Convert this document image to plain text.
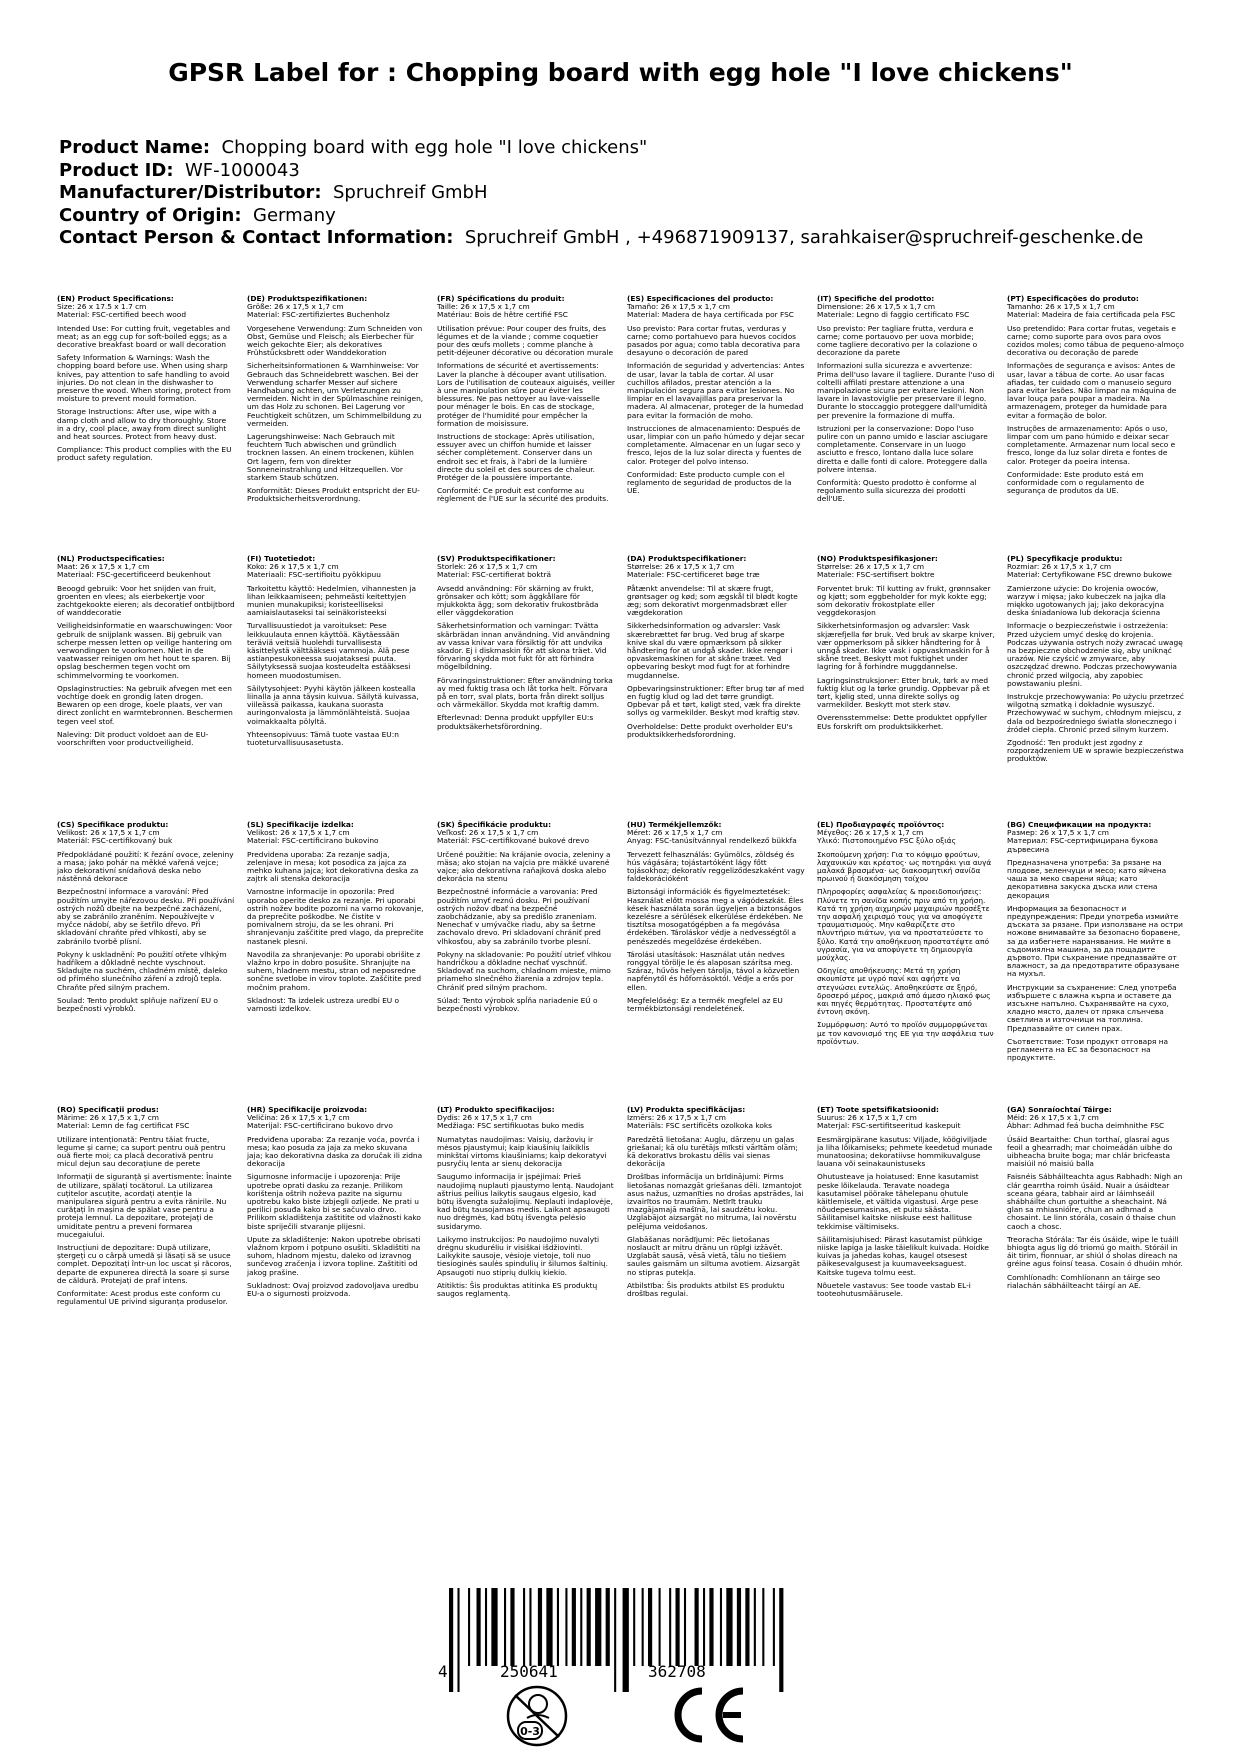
GPSR Label for : Chopping board with egg hole "I love chickens"
Product Name: Chopping board with egg hole "I love chickens"
Product ID: WF-1000043
Manufacturer/Distributor: Spruchreif GmbH
Country of Origin: Germany
Contact Person & Contact Information: Spruchreif GmbH , +496871909137, sarahkaiser@spruchreif-geschenke.de
(EN) Product Specifications:

Size: 26 x 17.5 x 1.7 cm
Material: FSC-certified beech wood

Intended Use: For cutting fruit, vegetables and meat; as an egg cup for soft-boiled eggs; as a decorative breakfast board or wall decoration

Safety Information & Warnings: Wash the chopping board before use. When using sharp knives, pay attention to safe handling to avoid injuries. Do not clean in the dishwasher to preserve the wood. When storing, protect from moisture to prevent mould formation.

Storage Instructions: After use, wipe with a damp cloth and allow to dry thoroughly. Store in a dry, cool place, away from direct sunlight and heat sources. Protect from heavy dust.

Compliance: This product complies with the EU product safety regulation.

(DE) Produktspezifikationen:

Größe: 26 x 17,5 x 1,7 cm
Material: FSC-zertifiziertes Buchenholz

Vorgesehene Verwendung: Zum Schneiden von Obst, Gemüse und Fleisch; als Eierbecher für weich gekochte Eier; als dekoratives Frühstücksbrett oder Wanddekoration

Sicherheitsinformationen & Warnhinweise: Vor Gebrauch das Schneidebrett waschen. Bei der Verwendung scharfer Messer auf sichere Handhabung achten, um Verletzungen zu vermeiden. Nicht in der Spülmaschine reinigen, um das Holz zu schonen. Bei Lagerung vor Feuchtigkeit schützen, um Schimmelbildung zu vermeiden.

Lagerungshinweise: Nach Gebrauch mit feuchtem Tuch abwischen und gründlich trocknen lassen. An einem trockenen, kühlen Ort lagern, fern von direkter Sonneneinstrahlung und Hitzequellen. Vor starkem Staub schützen.

Konformität: Dieses Produkt entspricht der EU-Produktsicherheitsverordnung.

(FR) Spécifications du produit:

Taille: 26 x 17,5 x 1,7 cm
Matériau: Bois de hêtre certifié FSC

Utilisation prévue: Pour couper des fruits, des légumes et de la viande ; comme coquetier pour des œufs mollets ; comme planche à petit-déjeuner décorative ou décoration murale

Informations de sécurité et avertissements: Laver la planche à découper avant utilisation. Lors de l'utilisation de couteaux aiguisés, veiller à une manipulation sûre pour éviter les blessures. Ne pas nettoyer au lave-vaisselle pour ménager le bois. En cas de stockage, protéger de l'humidité pour empêcher la formation de moisissure.

Instructions de stockage: Après utilisation, essuyer avec un chiffon humide et laisser sécher complètement. Conserver dans un endroit sec et frais, à l'abri de la lumière directe du soleil et des sources de chaleur. Protéger de la poussière importante.

Conformité: Ce produit est conforme au règlement de l'UE sur la sécurité des produits.

(ES) Especificaciones del producto:

Tamaño: 26 x 17,5 x 1,7 cm
Material: Madera de haya certificada por FSC

Uso previsto: Para cortar frutas, verduras y carne; como portahuevo para huevos cocidos pasados por agua; como tabla decorativa para desayuno o decoración de pared

Información de seguridad y advertencias: Antes de usar, lavar la tabla de cortar. Al usar cuchillos afilados, prestar atención a la manipulación segura para evitar lesiones. No limpiar en el lavavajillas para preservar la madera. Al almacenar, proteger de la humedad para evitar la formación de moho.

Instrucciones de almacenamiento: Después de usar, limpiar con un paño húmedo y dejar secar completamente. Almacenar en un lugar seco y fresco, lejos de la luz solar directa y fuentes de calor. Proteger del polvo intenso.

Conformidad: Este producto cumple con el reglamento de seguridad de productos de la UE.

(IT) Specifiche del prodotto:

Dimensione: 26 x 17,5 x 1,7 cm
Materiale: Legno di faggio certificato FSC

Uso previsto: Per tagliare frutta, verdura e carne; come portauovo per uova morbide; come tagliere decorativo per la colazione o decorazione da parete

Informazioni sulla sicurezza e avvertenze: Prima dell'uso lavare il tagliere. Durante l'uso di coltelli affilati prestare attenzione a una manipolazione sicura per evitare lesioni. Non lavare in lavastoviglie per preservare il legno. Durante lo stoccaggio proteggere dall'umidità per prevenire la formazione di muffa.

Istruzioni per la conservazione: Dopo l'uso pulire con un panno umido e lasciar asciugare completamente. Conservare in un luogo asciutto e fresco, lontano dalla luce solare diretta e dalle fonti di calore. Proteggere dalla polvere intensa.

Conformità: Questo prodotto è conforme al regolamento sulla sicurezza dei prodotti dell'UE.

(PT) Especificações do produto:

Tamanho: 26 x 17,5 x 1,7 cm
Material: Madeira de faia certificada pela FSC

Uso pretendido: Para cortar frutas, vegetais e carne; como suporte para ovos para ovos cozidos moles; como tábua de pequeno-almoço decorativa ou decoração de parede

Informações de segurança e avisos: Antes de usar, lavar a tábua de corte. Ao usar facas afiadas, ter cuidado com o manuseio seguro para evitar lesões. Não limpar na máquina de lavar louça para poupar a madeira. Na armazenagem, proteger da humidade para evitar a formação de bolor.

Instruções de armazenamento: Após o uso, limpar com um pano húmido e deixar secar completamente. Armazenar num local seco e fresco, longe da luz solar direta e fontes de calor. Proteger da poeira intensa.

Conformidade: Este produto está em conformidade com o regulamento de segurança de produtos da UE.

(NL) Productspecificaties:

Maat: 26 x 17,5 x 1,7 cm
Materiaal: FSC-gecertificeerd beukenhout

Beoogd gebruik: Voor het snijden van fruit, groenten en vlees; als eierbekertje voor zachtgekookte eieren; als decoratief ontbijtbord of wanddecoratie

Veiligheidsinformatie en waarschuwingen: Voor gebruik de snijplank wassen. Bij gebruik van scherpe messen letten op veilige hantering om verwondingen te voorkomen. Niet in de vaatwasser reinigen om het hout te sparen. Bij opslag beschermen tegen vocht om schimmelvorming te voorkomen.

Opslaginstructies: Na gebruik afvegen met een vochtige doek en grondig laten drogen. Bewaren op een droge, koele plaats, ver van direct zonlicht en warmtebronnen. Beschermen tegen veel stof.

Naleving: Dit product voldoet aan de EU-voorschriften voor productveiligheid.

(FI) Tuotetiedot:

Koko: 26 x 17,5 x 1,7 cm
Materiaali: FSC-sertifioitu pyökkipuu

Tarkoitettu käyttö: Hedelmien, vihannesten ja lihan leikkaamiseen; pehmeästi keitettyjen munien munakupiksi; koristeelliseksi aamiaislautaseksi tai seinäkoristeeksi

Turvallisuustiedot ja varoitukset: Pese leikkuulauta ennen käyttöä. Käytäessään teräviä veitsiä huolehdi turvallisesta käsittelystä välttääksesi vammoja. Älä pese astianpesukoneessa suojataksesi puuta. Säilytyksessä suojaa kosteudelta estääksesi homeen muodostumisen.

Säilytysohjeet: Pyyhi käytön jälkeen kostealla liinalla ja anna täysin kuivua. Säilytä kuivassa, viileässä paikassa, kaukana suorasta auringonvalosta ja lämmönlähteistä. Suojaa voimakkaalta pölyltä.

Yhteensopivuus: Tämä tuote vastaa EU:n tuoteturvallisuusasetusta.

(SV) Produktspecifikationer:

Storlek: 26 x 17,5 x 1,7 cm
Material: FSC-certifierat bokträ

Avsedd användning: För skärning av frukt, grönsaker och kött; som äggkållare för mjukkokta ägg; som dekorativ frukostbräda eller väggdekoration

Säkerhetsinformation och varningar: Tvätta skärbrädan innan användning. Vid användning av vassa knivar vara försiktig för att undvika skador. Ej i diskmaskin för att skona träet. Vid förvaring skydda mot fukt för att förhindra mögelbildning.

Förvaringsinstruktioner: Efter användning torka av med fuktig trasa och låt torka helt. Förvara på en torr, sval plats, borta från direkt solljus och värmekällor. Skydda mot kraftig damm.

Efterlevnad: Denna produkt uppfyller EU:s produktsäkerhetsförordning.

(DA) Produktspecifikationer:

Størrelse: 26 x 17,5 x 1,7 cm
Materiale: FSC-certificeret bøge træ

Påtænkt anvendelse: Til at skære frugt, grøntsager og kød; som ægskål til blødt kogte æg; som dekorativt morgenmadsbræt eller vægdekoration

Sikkerhedsinformation og advarsler: Vask skærebrættet før brug. Ved brug af skarpe knive skal du være opmærksom på sikker håndtering for at undgå skader. Ikke rengør i opvaskemaskinen for at skåne træet. Ved opbevaring beskyt mod fugt for at forhindre mugdannelse.

Opbevaringsinstruktioner: Efter brug tør af med en fugtig klud og lad det tørre grundigt. Opbevar på et tørt, køligt sted, væk fra direkte sollys og varmekilder. Beskyt mod kraftig støv.

Overholdelse: Dette produkt overholder EU's produktsikkerhedsforordning.

(NO) Produktspesifikasjoner:

Størrelse: 26 x 17,5 x 1,7 cm
Materiale: FSC-sertifisert boktre

Forventet bruk: Til kutting av frukt, grønnsaker og kjøtt; som eggbeholder for myk kokte egg; som dekorativ frokostplate eller veggdekorasjon

Sikkerhetsinformasjon og advarsler: Vask skjærefjella før bruk. Ved bruk av skarpe kniver, vær oppmerksom på sikker håndtering for å unngå skader. Ikke vask i oppvaskmaskin for å skåne treet. Beskytt mot fuktighet under lagring for å forhindre muggdannelse.

Lagringsinstruksjoner: Etter bruk, tørk av med fuktig klut og la tørke grundig. Oppbevar på et tørt, kjølig sted, unna direkte sollys og varmekilder. Beskytt mot sterk støv.

Overensstemmelse: Dette produktet oppfyller EUs forskrift om produktsikkerhet.

(PL) Specyfikacje produktu:

Rozmiar: 26 x 17,5 x 1,7 cm
Materiał: Certyfikowane FSC drewno bukowe

Zamierzone użycie: Do krojenia owoców, warzyw i mięsa; jako kubeczek na jajka dla miękko ugotowanych jaj; jako dekoracyjna deska śniadaniowa lub dekoracja ścienna

Informacje o bezpieczeństwie i ostrzeżenia: Przed użyciem umyć deskę do krojenia. Podczas używania ostrych noży zwracać uwagę na bezpieczne obchodzenie się, aby uniknąć urazów. Nie czyścić w zmywarce, aby oszczędzać drewno. Podczas przechowywania chronić przed wilgocią, aby zapobiec powstawaniu pleśni.

Instrukcje przechowywania: Po użyciu przetrzeć wilgotną szmatką i dokładnie wysuszyć. Przechowywać w suchym, chłodnym miejscu, z dala od bezpośredniego światła słonecznego i źródeł ciepła. Chronić przed silnym kurzem.

Zgodność: Ten produkt jest zgodny z rozporządzeniem UE w sprawie bezpieczeństwa produktów.

(CS) Specifikace produktu:

Velikost: 26 x 17,5 x 1,7 cm
Materiál: FSC-certifikovaný buk

Předpokládané použití: K řezání ovoce, zeleniny a masa; jako pohár na měkké vařená vejce; jako dekorativní snídaňová deska nebo nástěnná dekorace

Bezpečnostní informace a varování: Před použitím umyjte nářezovou desku. Při používání ostrých nožů dbejte na bezpečné zacházení, aby se zabránilo zraněním. Nepoužívejte v myčce nádobí, aby se šetřilo dřevo. Při skladování chraňte před vlhkostí, aby se zabránilo tvorbě plísní.

Pokyny k uskladnění: Po použití otřete vlhkým hadříkem a důkladně nechte vyschnout. Skladujte na suchém, chladném místě, daleko od přímého slunečního záření a zdrojů tepla. Chraňte před silným prachem.

Soulad: Tento produkt splňuje nařízení EU o bezpečnosti výrobků.

(SL) Specifikacije izdelka:

Velikost: 26 x 17,5 x 1,7 cm
Material: FSC-certificirano bukovino

Predvidena uporaba: Za rezanje sadja, zelenjave in mesa; kot posodica za jajca za mehko kuhana jajca; kot dekorativna deska za zajtrk ali stenska dekoracija

Varnostne informacije in opozorila: Pred uporabo operite desko za rezanje. Pri uporabi ostrih nožev bodite pozorni na varno rokovanje, da preprečite poškodbe. Ne čistite v pomivalnem stroju, da se les ohrani. Pri shranjevanju zaščitite pred vlago, da preprečite nastanek plesni.

Navodila za shranjevanje: Po uporabi obrišite z vlažno krpo in dobro posušite. Shranjujte na suhem, hladnem mestu, stran od neposredne sončne svetlobe in virov toplote. Zaščitite pred močnim prahom.

Skladnost: Ta izdelek ustreza uredbi EU o varnosti izdelkov.

(SK) Špecifikácie produktu:

Veľkosť: 26 x 17,5 x 1,7 cm
Materiál: FSC-certifikované bukové drevo

Určené použitie: Na krájanie ovocia, zeleniny a mäsa; ako stojan na vajcia pre mäkké uvarené vajce; ako dekoratívna raňajková doska alebo dekorácia na stenu

Bezpečnostné informácie a varovania: Pred použitím umyť reznú dosku. Pri používaní ostrých nožov dbať na bezpečné zaobchádzanie, aby sa predišlo zraneniam. Nenechať v umývačke riadu, aby sa šetrne zachovalo drevo. Pri skladovaní chrániť pred vlhkosťou, aby sa zabránilo tvorbe plesní.

Pokyny na skladovanie: Po použití utrieť vlhkou handričkou a dôkladne nechať vyschnúť. Skladovať na suchom, chladnom mieste, mimo priameho slnečného žiarenia a zdrojov tepla. Chrániť pred silným prachom.

Súlad: Tento výrobok spĺňa nariadenie EÚ o bezpečnosti výrobkov.

(HU) Termékjellemzők:

Méret: 26 x 17,5 x 1,7 cm
Anyag: FSC-tanúsítvánnyal rendelkező bükkfa

Tervezett felhasználás: Gyümölcs, zöldség és hús vágására; tojástartóként lágy főtt tojásokhoz; dekoratív reggeliződeszkaként vagy faldekorációként

Biztonsági információk és figyelmeztetések: Használat előtt mossa meg a vágódeszkát. Éles kések használata során ügyeljen a biztonságos kezelésre a sérülések elkerülése érdekében. Ne tisztítsa mosogatógépben a fa megóvása érdekében. Tároláskor védje a nedvességtől a penészedés megelőzése érdekében.

Tárolási utasítások: Használat után nedves ronggyal törölje le és alaposan szárítsa meg. Száraz, hűvös helyen tárolja, távol a közvetlen napfénytől és hőforrásoktól. Védje a erős por ellen.

Megfelelőség: Ez a termék megfelel az EU termékbiztonsági rendeletének.

(EL) Προδιαγραφές προϊόντος:

Μέγεθος: 26 x 17,5 x 1,7 cm
Υλικό: Πιστοποιημένο FSC ξύλο οξιάς

Σκοπούμενη χρήση: Για το κόψιμο φρούτων, λαχανικών και κρέατος· ως ποτηράκι για αυγά μαλακά βρασμένα· ως διακοσμητική σανίδα πρωινού ή διακόσμηση τοίχου

Πληροφορίες ασφαλείας & προειδοποιήσεις: Πλύνετε τη σανίδα κοπής πριν από τη χρήση. Κατά τη χρήση αιχμηρών μαχαιριών προσέξτε την ασφαλή χειρισμό τους για να αποφύγετε τραυματισμούς. Μην καθαρίζετε στο πλυντήριο πιάτων, για να προστατεύσετε το ξύλο. Κατά την αποθήκευση προστατέψτε από υγρασία, για να αποφύγετε τη δημιουργία μούχλας.

Οδηγίες αποθήκευσης: Μετά τη χρήση σκουπίστε με υγρό πανί και αφήστε να στεγνώσει εντελώς. Αποθηκεύστε σε ξηρό, δροσερό μέρος, μακριά από άμεσο ηλιακό φως και πηγές θερμότητας. Προστατέψτε από έντονη σκόνη.

Συμμόρφωση: Αυτό το προϊόν συμμορφώνεται με τον κανονισμό της ΕΕ για την ασφάλεια των προϊόντων.

(BG) Спецификации на продукта:

Размер: 26 x 17,5 x 1,7 cm
Материал: FSC-сертифицирана букова дървесина

Предназначена употреба: За рязане на плодове, зеленчуци и месо; като яйчена чаша за меко сварени яйца; като декоративна закуска дъска или стена декорация

Информация за безопасност и предупреждения: Преди употреба измийте дъската за рязане. При използване на остри ножове внимавайте за безопасно боравене, за да избегнете наранявания. Не мийте в съдомиялна машина, за да пощадите дървото. При съхранение предпазвайте от влажност, за да предотвратите образуване на мухъл.

Инструкции за съхранение: След употреба избършете с влажна кърпа и оставете да изсъхне напълно. Съхранявайте на сухо, хладно място, далеч от пряка слънчева светлина и източници на топлина. Предпазвайте от силен прах.

Съответствие: Този продукт отговаря на регламента на ЕС за безопасност на продуктите.

(RO) Specificații produs:

Mărime: 26 x 17,5 x 1,7 cm
Material: Lemn de fag certificat FSC

Utilizare intenționată: Pentru tăiat fructe, legume și carne; ca suport pentru ouă pentru ouă fierte moi; ca placă decorativă pentru micul dejun sau decorațiune de perete

Informații de siguranță și avertismente: Înainte de utilizare, spălați tocătorul. La utilizarea cuțitelor ascuțite, acordați atenție la manipularea sigură pentru a evita rănirile. Nu curățați în mașina de spălat vase pentru a proteja lemnul. La depozitare, protejați de umiditate pentru a preveni formarea mucegaiului.

Instrucțiuni de depozitare: După utilizare, ștergeți cu o cârpă umedă și lăsați să se usuce complet. Depozitați într-un loc uscat și răcoros, departe de expunerea directă la soare și surse de căldură. Protejați de praf intens.

Conformitate: Acest produs este conform cu regulamentul UE privind siguranța produselor.

(HR) Specifikacije proizvoda:

Veličina: 26 x 17,5 x 1,7 cm
Materijal: FSC-certificirano bukovo drvo

Predviđena uporaba: Za rezanje voća, povrća i mesa; kao posuda za jaja za meko skuvana jaja; kao dekorativna daska za doručak ili zidna dekoracija

Sigurnosne informacije i upozorenja: Prije upotrebe oprati dasku za rezanje. Prilikom korištenja oštrih noževa pazite na sigurnu upotrebu kako biste izbjegli ozljede. Ne prati u perilici posuđa kako bi se sačuvalo drvo. Prilikom skladištenja zaštitite od vlažnosti kako biste spriječili stvaranje plijesni.

Upute za skladištenje: Nakon upotrebe obrisati vlažnom krpom i potpuno osušiti. Skladištiti na suhom, hladnom mjestu, daleko od izravnog sunčevog zračenja i izvora topline. Zaštititi od jakog prašine.

Sukladnost: Ovaj proizvod zadovoljava uredbu EU-a o sigurnosti proizvoda.

(LT) Produkto specifikacijos:

Dydis: 26 x 17,5 x 1,7 cm
Medžiaga: FSC sertifikuotas buko medis

Numatytas naudojimas: Vaisių, daržovių ir mėsos pjaustymui; kaip kiaušinių laikiklis minkštai virtoms kiaušiniams; kaip dekoratyvi pusryčių lenta ar sienų dekoracija

Saugumo informacija ir įspėjimai: Prieš naudojimą nuplauti pjaustymo lentą. Naudojant aštrius peilius laikytis saugaus elgesio, kad būtų išvengta sužalojimų. Neplauti indaplovėje, kad būtų tausojamas medis. Laikant apsaugoti nuo drėgmės, kad būtų išvengta pelėsio susidarymo.

Laikymo instrukcijos: Po naudojimo nuvalyti drėgnu skuduréliu ir visiškai išdžiovinti. Laikykite sausoje, vėsioje vietoje, toli nuo tiesioginės saulės spindulių ir šilumos šaltinių. Apsaugoti nuo stiprių dulkių kiekio.

Atitiktis: Šis produktas atitinka ES produktų saugos reglamentą.

(LV) Produkta specifikācijas:

Izmērs: 26 x 17,5 x 1,7 cm
Materiāls: FSC sertificēts ozolkoka koks

Paredzētā lietošana: Augļu, dārzeņu un gaļas griešanai; kā olu turētājs mīksti vārītām olām; kā dekoratīvs brokastu dēlis vai sienas dekorācija

Drošības informācija un brīdinājumi: Pirms lietošanas nomazgāt griešanas dēli. Izmantojot asus nažus, uzmanīties no drošas apstrādes, lai izvairītos no traumām. Netīrīt trauku mazgājamajā mašīnā, lai saudzētu koku. Uzglabājot aizsargāt no mitruma, lai novērstu pelējuma veidošanos.

Glabāšanas norādījumi: Pēc lietošanas noslaucīt ar mitru drānu un rūpīgi izžāvēt. Uzglabāt sausā, vēsā vietā, tālu no tiešiem saules gaismām un siltuma avotiem. Aizsargāt no stipras putekļa.

Atbilstība: Šis produkts atbilst ES produktu drošības regulai.

(ET) Toote spetsifikatsioonid:

Suurus: 26 x 17,5 x 1,7 cm
Materjal: FSC-sertifitseeritud kaskepuit

Eesmärgipärane kasutus: Viljade, köögiviljade ja liha lõikamiseks; pehmete keedetud munade munatoosina; dekoratiivse hommikuvalguse lauana või seinakaunistuseks

Ohutusteave ja hoiatused: Enne kasutamist peske lõikelauda. Teravate noadega kasutamisel pöörake tähelepanu ohutule käitlemisele, et vältida vigastusi. Ärge pese nõudepesumasinas, et puitu säästa. Säilitamisel kaitske niiskuse eest hallituse tekkimise vältimiseks.

Säilitamisjuhised: Pärast kasutamist pühkige niiske lapiga ja laske täielikult kuivada. Hoidke kuivas ja jahedas kohas, kaugel otsesest päikesevalgusest ja kuumaveeksaguest. Kaitske tugeva tolmu eest.

Nõuetele vastavus: See toode vastab EL-i tooteohutusmäärusele.

(GA) Sonraíochtaí Táirge:

Méid: 26 x 17,5 x 1,7 cm
Ábhar: Adhmad feá bucha deimhnithe FSC

Úsáid Beartaithe: Chun torthaí, glasraí agus feoil a ghearradh; mar choimeádán uibhe do uibheacha bruite boga; mar chlár bricfeasta maisiúil nó maisiú balla

Faisnéis Sábháilteachta agus Rabhadh: Nigh an clár gearrtha roimh úsáid. Nuair a úsáidtear sceana géara, tabhair aird ar láimhseáil shábháilte chun gortuithe a sheachaint. Ná glan sa mhiasniólre, chun an adhmad a chosaint. Le linn stórála, cosain ó thaise chun caoch a chosc.

Treoracha Stórála: Tar éis úsáide, wipe le tuáill bhiogta agus lig dó triomú go maith. Stóráil in áit tirim, fionnuar, ar shiúl ó sholas díreach na gréine agus foinsí teasa. Cosain ó dhuóin mhór.

Comhlíonadh: Comhlíonann an táirge seo rialachán sábháilteacht táirgí an AE.

4	250641	362708
0-3
